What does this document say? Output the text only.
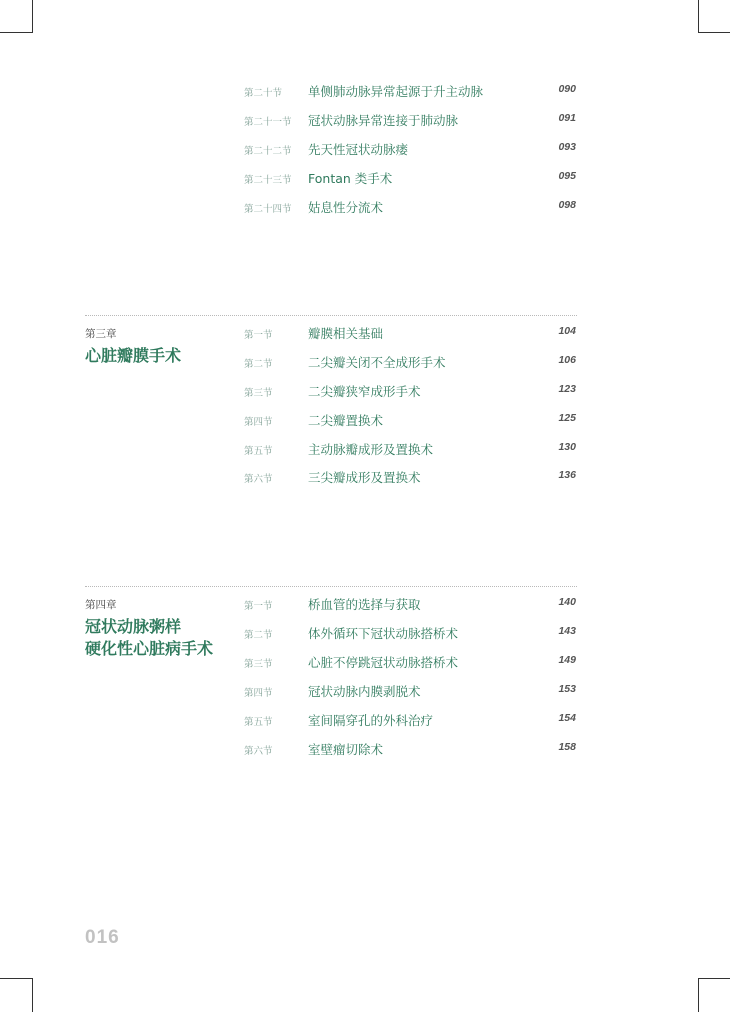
第二十节 单侧肺动脉异常起源于升主动脉	090
第二十一节 冠状动脉异常连接于肺动脉	091
第二十二节 先天性冠状动脉瘘	093
第二十三节 Fontan 类手术	095
第二十四节 姑息性分流术	098
第三章
心脏瓣膜手术
第一节	瓣膜相关基础	104
第二节	二尖瓣关闭不全成形手术	106
第三节	二尖瓣狭窄成形手术	123
第四节	二尖瓣置换术	125
第五节	主动脉瓣成形及置换术	130
第六节	三尖瓣成形及置换术	136
第四章
冠状动脉粥样
硬化性心脏病手术
第一节	桥血管的选择与获取	140
第二节	体外循环下冠状动脉搭桥术	143
第三节	心脏不停跳冠状动脉搭桥术	149
第四节	冠状动脉内膜剥脱术	153
第五节	室间隔穿孔的外科治疗	154
第六节	室壁瘤切除术	158
016
